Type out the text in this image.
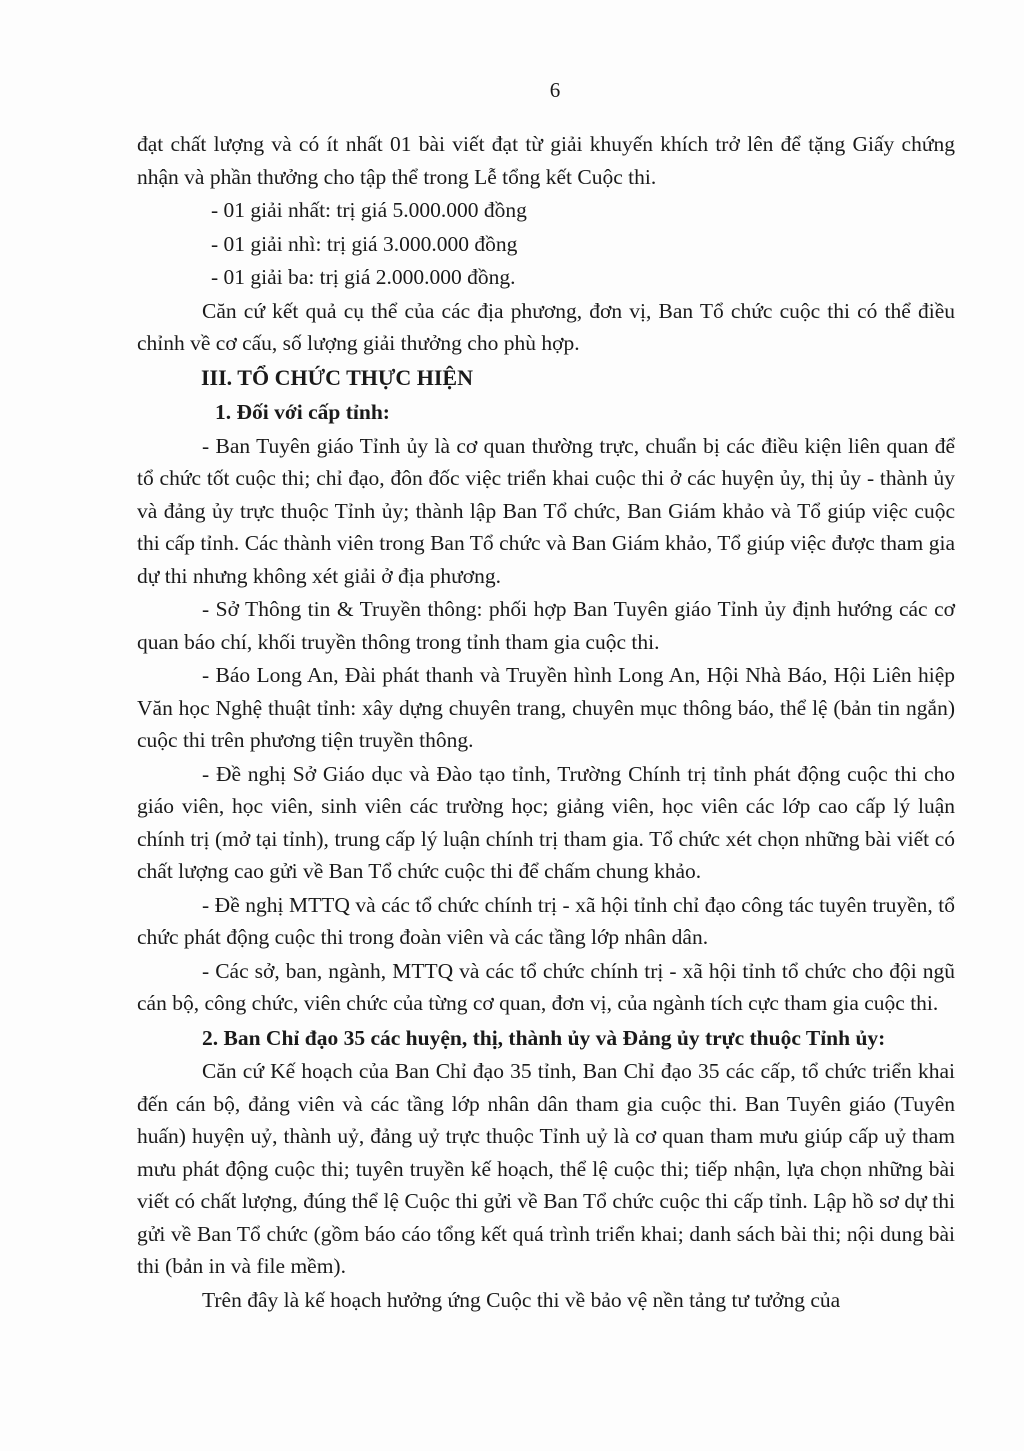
6

đạt chất lượng và có ít nhất 01 bài viết đạt từ giải khuyến khích trở lên để tặng Giấy chứng nhận và phần thưởng cho tập thể trong Lễ tổng kết Cuộc thi.

- 01 giải nhất: trị giá 5.000.000 đồng

- 01 giải nhì: trị giá 3.000.000 đồng

- 01 giải ba: trị giá 2.000.000 đồng.

Căn cứ kết quả cụ thể của các địa phương, đơn vị, Ban Tổ chức cuộc thi có thể điều chỉnh về cơ cấu, số lượng giải thưởng cho phù hợp.

III. TỔ CHỨC THỰC HIỆN

1. Đối với cấp tỉnh:

- Ban Tuyên giáo Tỉnh ủy là cơ quan thường trực, chuẩn bị các điều kiện liên quan để tổ chức tốt cuộc thi; chỉ đạo, đôn đốc việc triển khai cuộc thi ở các huyện ủy, thị ủy - thành ủy và đảng ủy trực thuộc Tỉnh ủy; thành lập Ban Tổ chức, Ban Giám khảo và Tổ giúp việc cuộc thi cấp tỉnh. Các thành viên trong Ban Tổ chức và Ban Giám khảo, Tổ giúp việc được tham gia dự thi nhưng không xét giải ở địa phương.

- Sở Thông tin & Truyền thông: phối hợp Ban Tuyên giáo Tỉnh ủy định hướng các cơ quan báo chí, khối truyền thông trong tỉnh tham gia cuộc thi.

- Báo Long An, Đài phát thanh và Truyền hình Long An, Hội Nhà Báo, Hội Liên hiệp Văn học Nghệ thuật tỉnh: xây dựng chuyên trang, chuyên mục thông báo, thể lệ (bản tin ngắn) cuộc thi trên phương tiện truyền thông.

- Đề nghị Sở Giáo dục và Đào tạo tỉnh, Trường Chính trị tỉnh phát động cuộc thi cho giáo viên, học viên, sinh viên các trường học; giảng viên, học viên các lớp cao cấp lý luận chính trị (mở tại tỉnh), trung cấp lý luận chính trị tham gia. Tổ chức xét chọn những bài viết có chất lượng cao gửi về Ban Tổ chức cuộc thi để chấm chung khảo.

- Đề nghị MTTQ và các tổ chức chính trị - xã hội tỉnh chỉ đạo công tác tuyên truyền, tổ chức phát động cuộc thi trong đoàn viên và các tầng lớp nhân dân.

- Các sở, ban, ngành, MTTQ và các tổ chức chính trị - xã hội tỉnh tổ chức cho đội ngũ cán bộ, công chức, viên chức của từng cơ quan, đơn vị, của ngành tích cực tham gia cuộc thi.

2. Ban Chỉ đạo 35 các huyện, thị, thành ủy và Đảng ủy trực thuộc Tỉnh ủy:

Căn cứ Kế hoạch của Ban Chỉ đạo 35 tỉnh, Ban Chỉ đạo 35 các cấp, tổ chức triển khai đến cán bộ, đảng viên và các tầng lớp nhân dân tham gia cuộc thi. Ban Tuyên giáo (Tuyên huấn) huyện uỷ, thành uỷ, đảng uỷ trực thuộc Tỉnh uỷ là cơ quan tham mưu giúp cấp uỷ tham mưu phát động cuộc thi; tuyên truyền kế hoạch, thể lệ cuộc thi; tiếp nhận, lựa chọn những bài viết có chất lượng, đúng thể lệ Cuộc thi gửi về Ban Tổ chức cuộc thi cấp tỉnh. Lập hồ sơ dự thi gửi về Ban Tổ chức (gồm báo cáo tổng kết quá trình triển khai; danh sách bài thi; nội dung bài thi (bản in và file mềm).

Trên đây là kế hoạch hưởng ứng Cuộc thi về bảo vệ nền tảng tư tưởng của
